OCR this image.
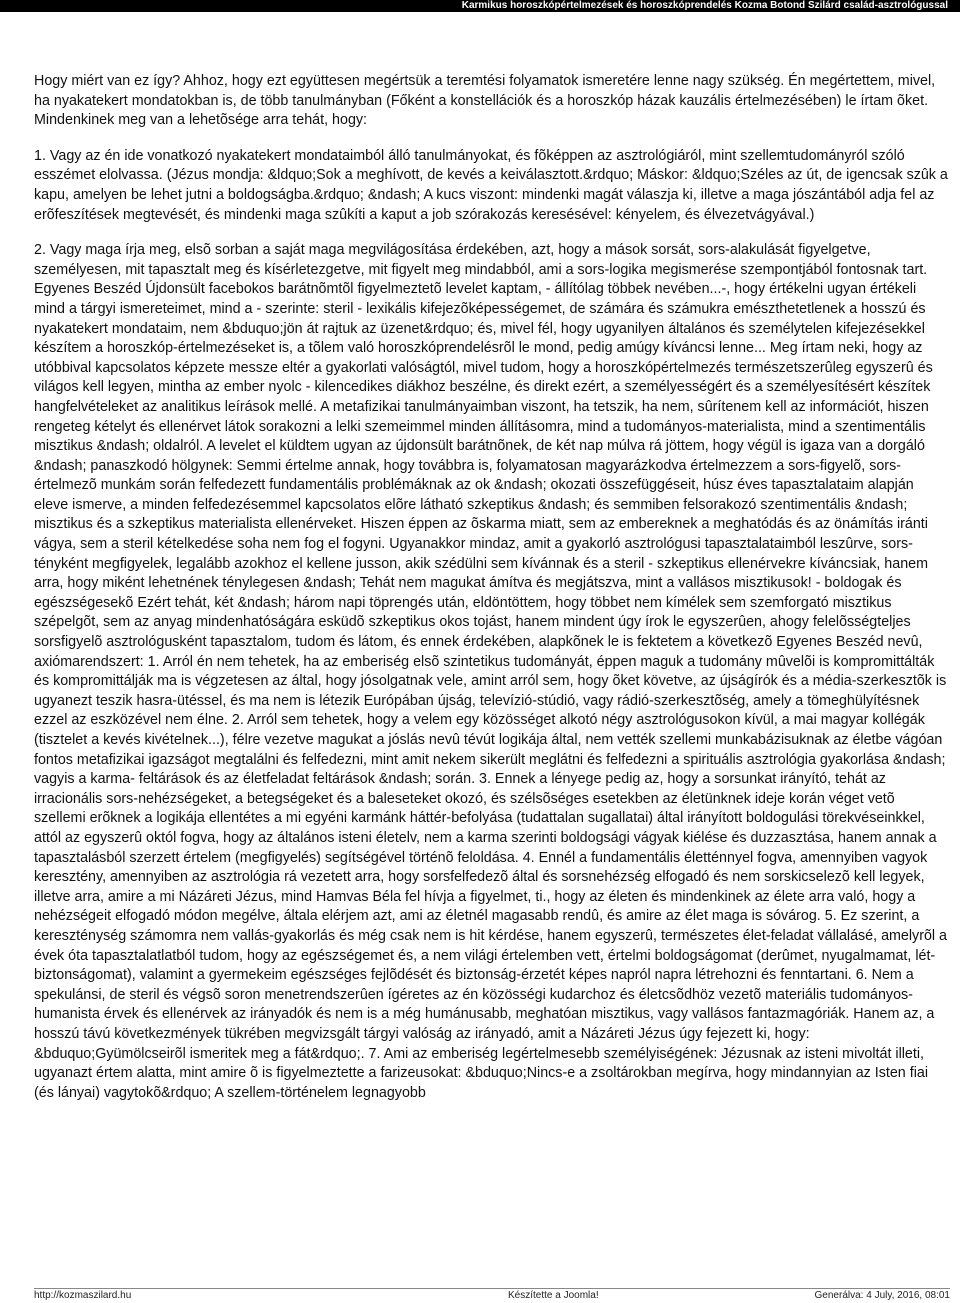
Karmikus horoszkópértelmezések és horoszkóprendelés Kozma Botond Szilárd család-asztrológussal

Hogy miért van ez így? Ahhoz, hogy ezt együttesen megértsük a teremtési folyamatok ismeretére lenne nagy szükség. Én megértettem, mivel, ha nyakatekert mondatokban is, de több tanulmányban (Főként a konstellációk és a horoszkóp házak kauzális értelmezésében) le írtam õket. Mindenkinek meg van a lehetõsége arra tehát, hogy:

1. Vagy az én ide vonatkozó nyakatekert mondataimból álló tanulmányokat, és fõképpen az asztrológiáról, mint szellemtudományról szóló esszémet elolvassa. (Jézus mondja: &ldquo;Sok a meghívott, de kevés a keiválasztott.&rdquo; Máskor: &ldquo;Széles az út, de igencsak szûk a kapu, amelyen be lehet jutni a boldogságba.&rdquo; &ndash; A kucs viszont: mindenki magát válaszja ki, illetve a maga jószántából adja fel az erõfeszítések megtevését, és mindenki maga szûkíti a kaput a job szórakozás keresésével: kényelem, és élvezetvágyával.)

2. Vagy maga írja meg, elsõ sorban a saját maga megvilágosítása érdekében, azt, hogy a mások sorsát, sors-alakulását figyelgetve, személyesen, mit tapasztalt meg és kísérletezgetve, mit figyelt meg mindabból, ami a sors-logika megismerése szempontjából fontosnak tart.

Egyenes Beszéd Újdonsült facebokos barátnõmtõl figyelmeztetõ levelet kaptam, - állítólag többek nevében...-, hogy értékelni ugyan értékeli mind a tárgyi ismereteimet, mind a - szerinte: steril - lexikális kifejezõképességemet, de számára és számukra emészthetetlenek a hosszú és nyakatekert mondataim, nem &bduquo;jön át rajtuk az üzenet&rdquo; és, mivel fél, hogy ugyanilyen általános és személytelen kifejezésekkel készítem a horoszkóp-értelmezéseket is, a tõlem való horoszkóprendelésrõl le mond, pedig amúgy kíváncsi lenne... Meg írtam neki, hogy az utóbbival kapcsolatos képzete messze eltér a gyakorlati valóságtól, mivel tudom, hogy a horoszkópértelmezés természetszerûleg egyszerû és világos kell legyen, mintha az ember nyolc - kilencedikes diákhoz beszélne, és direkt ezért, a személyességért és a személyesítésért készítek hangfelvételeket az analitikus leírások mellé. A metafizikai tanulmányaimban viszont, ha tetszik, ha nem, sûrítenem kell az információt, hiszen rengeteg kételyt és ellenérvet látok sorakozni a lelki szemeimmel minden állításomra, mind a tudományos-materialista, mind a szentimentális misztikus &ndash; oldalról. A levelet el küldtem ugyan az újdonsült barátnõnek, de két nap múlva rá jöttem, hogy végül is igaza van a dorgáló &ndash; panaszkodó hölgynek: Semmi értelme annak, hogy továbbra is, folyamatosan magyarázkodva értelmezzem a sors-figyelõ, sors-értelmezõ munkám során felfedezett fundamentális problémáknak az ok &ndash; okozati összefüggéseit, húsz éves tapasztalataim alapján eleve ismerve, a minden felfedezésemmel kapcsolatos elõre látható szkeptikus &ndash; és semmiben felsorakozó szentimentális &ndash; misztikus és a szkeptikus materialista ellenérveket. Hiszen éppen az õskarma miatt, sem az embereknek a meghatódás és az önámítás iránti vágya, sem a steril kételkedése soha nem fog el fogyni. Ugyanakkor mindaz, amit a gyakorló asztrológusi tapasztalataimból leszûrve, sors-tényként megfigyelek, legalább azokhoz el kellene jusson, akik szédülni sem kívánnak és a steril - szkeptikus ellenérvekre kíváncsiak, hanem arra, hogy miként lehetnének ténylegesen &ndash; Tehát nem magukat ámítva és megjátszva, mint a vallásos misztikusok! - boldogak és egészségesekõ Ezért tehát, két &ndash; három napi töprengés után, eldöntöttem, hogy többet nem kímélek sem szemforgató misztikus szépelgõt, sem az anyag mindenhatóságára esküdõ szkeptikus okos tojást, hanem mindent úgy írok le egyszerûen, ahogy felelõsségteljes sorsfigyelõ asztrológusként tapasztalom, tudom és látom, és ennek érdekében, alapkõnek le is fektetem a következõ Egyenes Beszéd nevû, axiómarendszert: 1. Arról én nem tehetek, ha az emberiség elsõ szintetikus tudományát, éppen maguk a tudomány mûvelõi is kompromittálták és kompromittálják ma is végzetesen az által, hogy jósolgatnak vele, amint arról sem, hogy õket követve, az újságírók és a média-szerkesztõk is ugyanezt teszik hasra-ütéssel, és ma nem is létezik Európában újság, televízió-stúdió, vagy rádió-szerkesztõség, amely a tömeghülyítésnek ezzel az eszközével nem élne. 2. Arról sem tehetek, hogy a velem egy közösséget alkotó négy asztrológusokon kívül, a mai magyar kollégák (tisztelet a kevés kivételnek...), félre vezetve magukat a jóslás nevû tévút logikája által, nem vették szellemi munkabázisuknak az életbe vágóan fontos metafizikai igazságot megtalálni és felfedezni, mint amit nekem sikerült meglátni és felfedezni a spirituális asztrológia gyakorlása &ndash; vagyis a karma- feltárások és az életfeladat feltárások &ndash; során. 3. Ennek a lényege pedig az, hogy a sorsunkat irányító, tehát az irracionális sors-nehézségeket, a betegségeket és a baleseteket okozó, és szélsõséges esetekben az életünknek ideje korán véget vetõ szellemi erõknek a logikája ellentétes a mi egyéni karmánk háttér-befolyása (tudattalan sugallatai) által irányított boldogulási törekvéseinkkel, attól az egyszerû októl fogva, hogy az általános isteni életelv, nem a karma szerinti boldogsági vágyak kiélése és duzzasztása, hanem annak a tapasztalásból szerzett értelem (megfigyelés) segítségével történõ feloldása. 4. Ennél a fundamentális életténnyel fogva, amennyiben vagyok keresztény, amennyiben az asztrológia rá vezetett arra, hogy sorsfelfedezõ által és sorsnehézség elfogadó és nem sorskicselezõ kell legyek, illetve arra, amire a mi Názáreti Jézus, mind Hamvas Béla fel hívja a figyelmet, ti., hogy az életen és mindenkinek az élete arra való, hogy a nehézségeit elfogadó módon megélve, általa elérjem azt, ami az életnél magasabb rendû, és amire az élet maga is sóvárog. 5. Ez szerint, a kereszténység számomra nem vallás-gyakorlás és még csak nem is hit kérdése, hanem egyszerû, természetes élet-feladat vállalásé, amelyrõl a évek óta tapasztalatlatból tudom, hogy az egészségemet és, a nem világi értelemben vett, értelmi boldogságomat (derûmet, nyugalmamat, lét-biztonságomat), valamint a gyermekeim egészséges fejlõdését és biztonság-érzetét képes napról napra létrehozni és fenntartani. 6. Nem a spekulánsi, de steril és végsõ soron menetrendszerûen ígéretes az én közösségi kudarchoz és életcsõdhöz vezetõ materiális tudományos- humanista érvek és ellenérvek az irányadók és nem is a még humánusabb, meghatóan misztikus, vagy vallásos fantazmagóriák. Hanem az, a hosszú távú következmények tükrében megvizsgált tárgyi valóság az irányadó, amit a Názáreti Jézus úgy fejezett ki, hogy: &bduquo;Gyümölcseirõl ismeritek meg a fát&rdquo;. 7. Ami az emberiség legértelmesebb személyiségének: Jézusnak az isteni mivoltát illeti, ugyanazt értem alatta, mint amire õ is figyelmeztette a farizeusokat: &bduquo;Nincs-e a zsoltárokban megírva, hogy mindannyian az Isten fiai (és lányai) vagytokõ&rdquo; A szellem-történelem legnagyobb

http://kozmaszilard.hu	Készítette a Joomla!	Generálva: 4 July, 2016, 08:01
